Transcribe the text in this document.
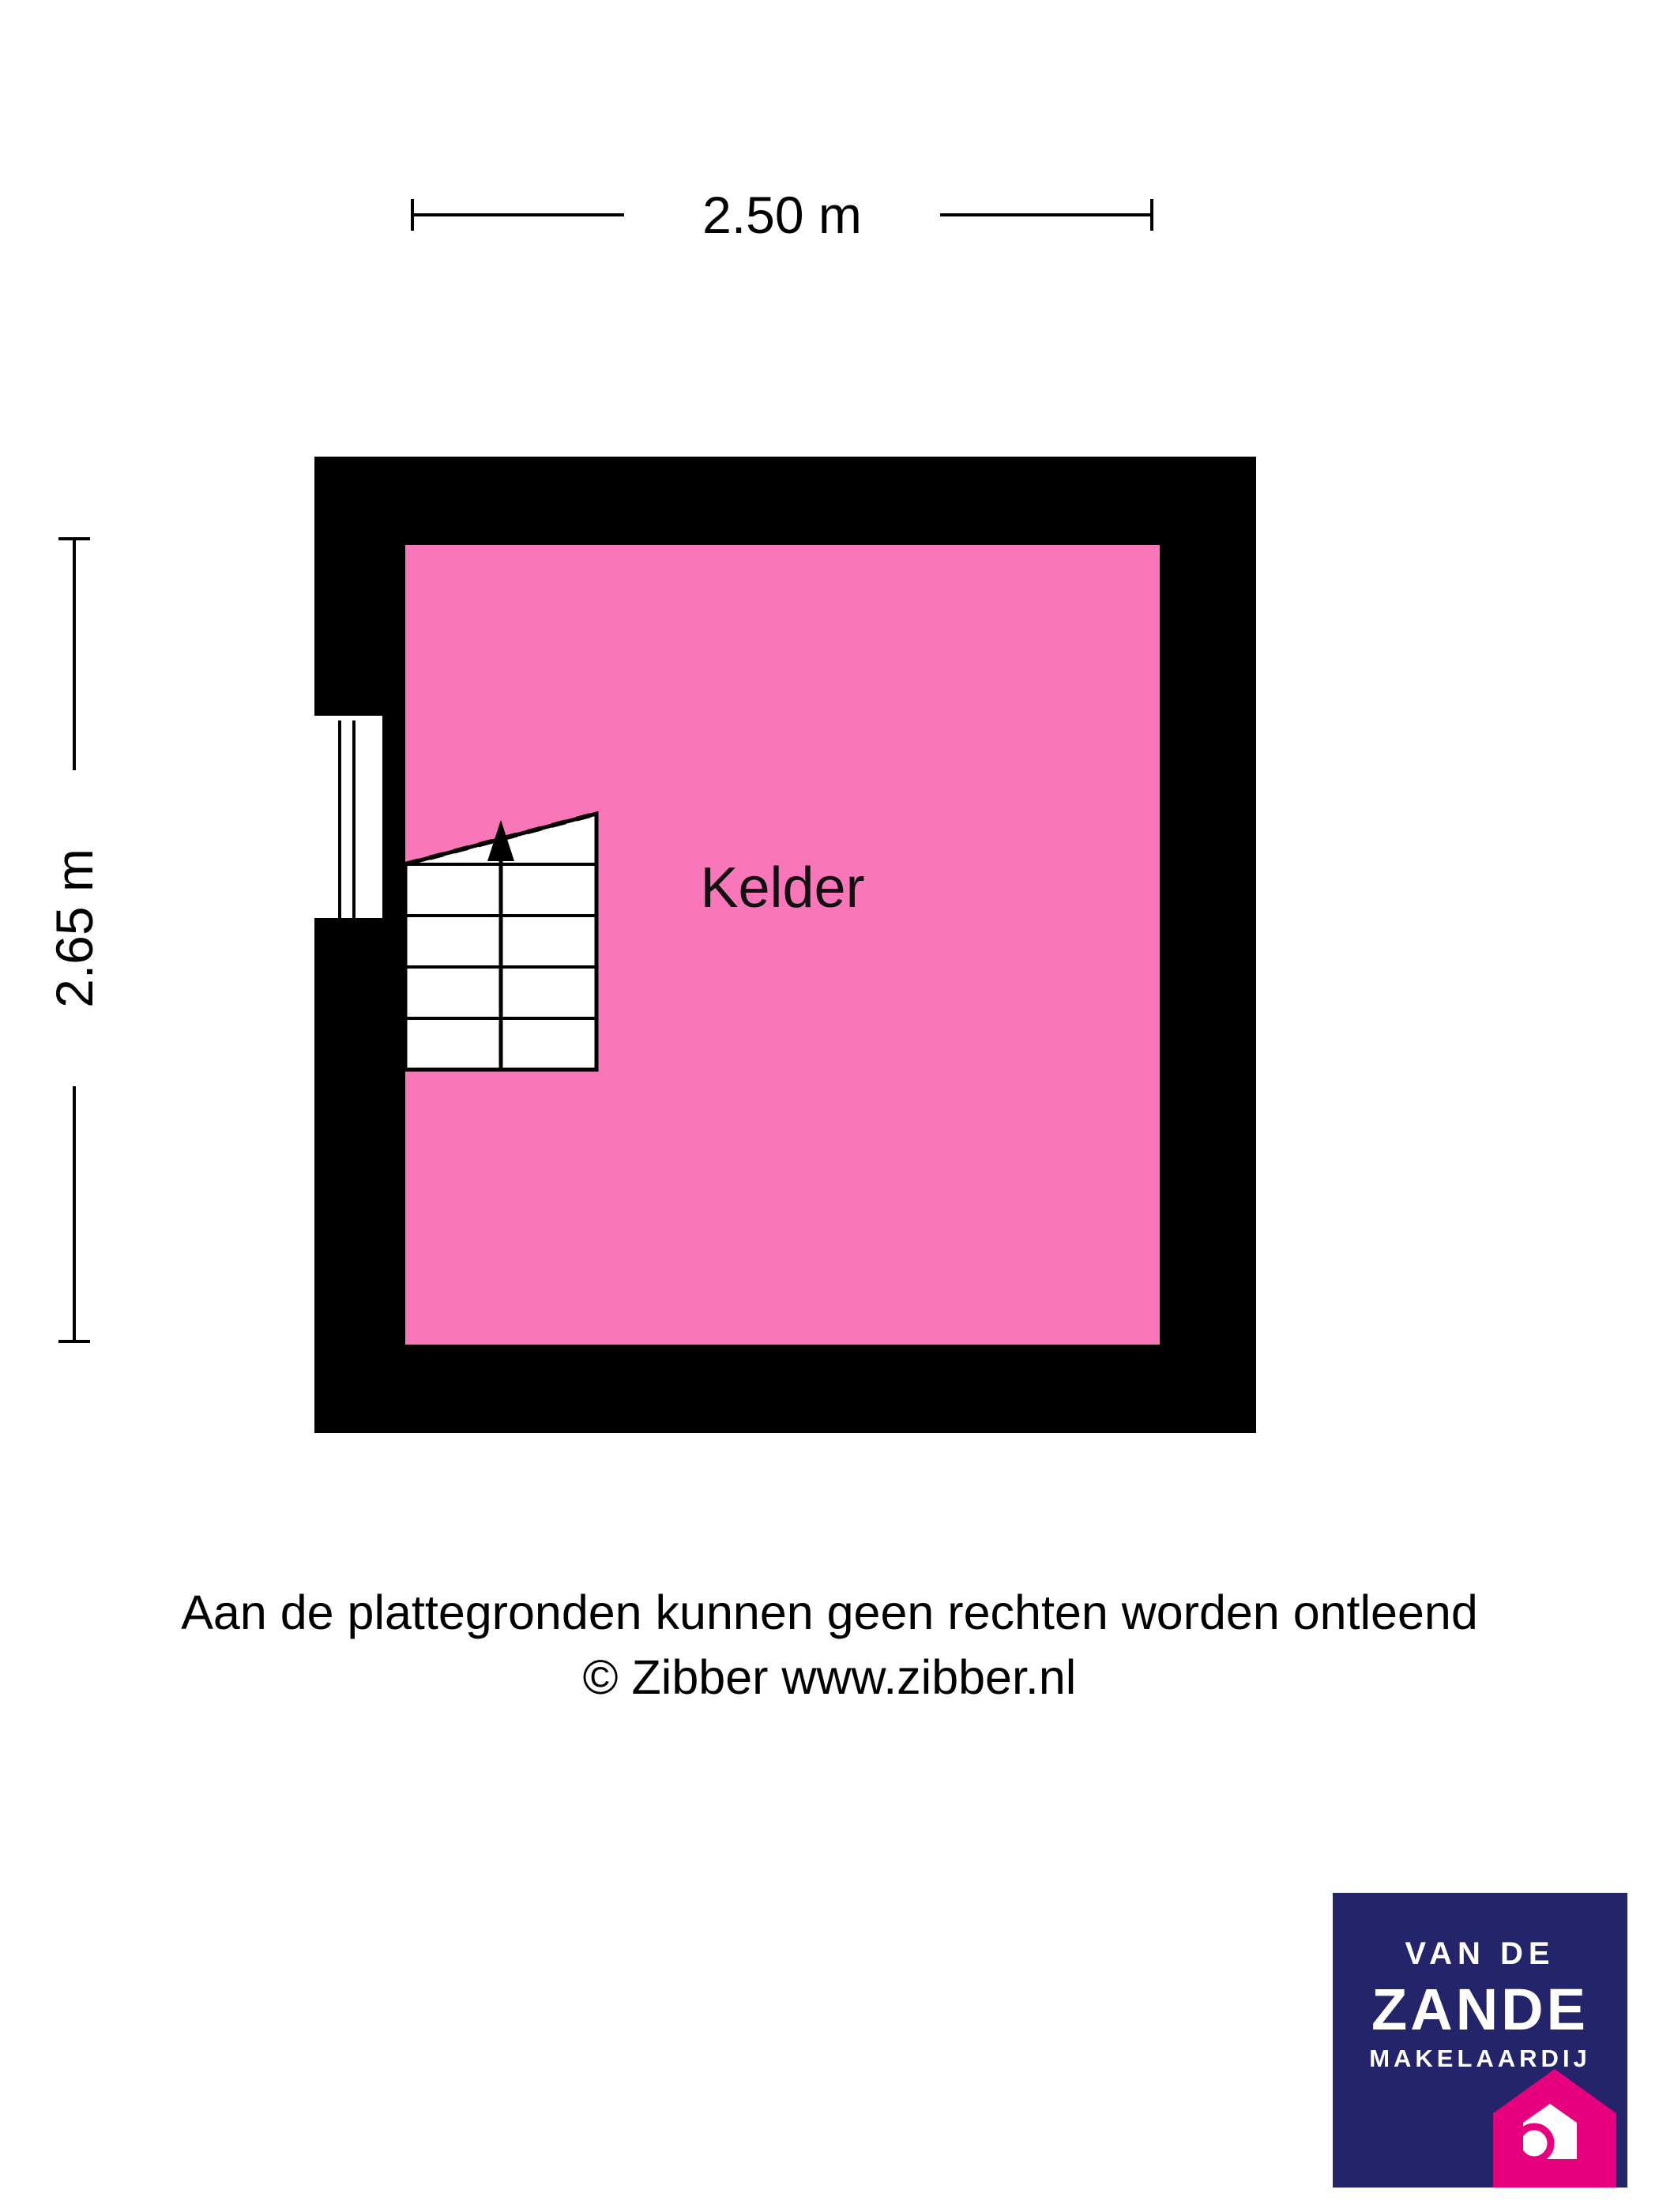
2.50 m
2.65 m	Kelder
Aan de plattegronden kunnen geen rechten worden ontleend
© Zibber www.zibber.nl
VAN DE
ZANDE
MAKELAARDIJ
